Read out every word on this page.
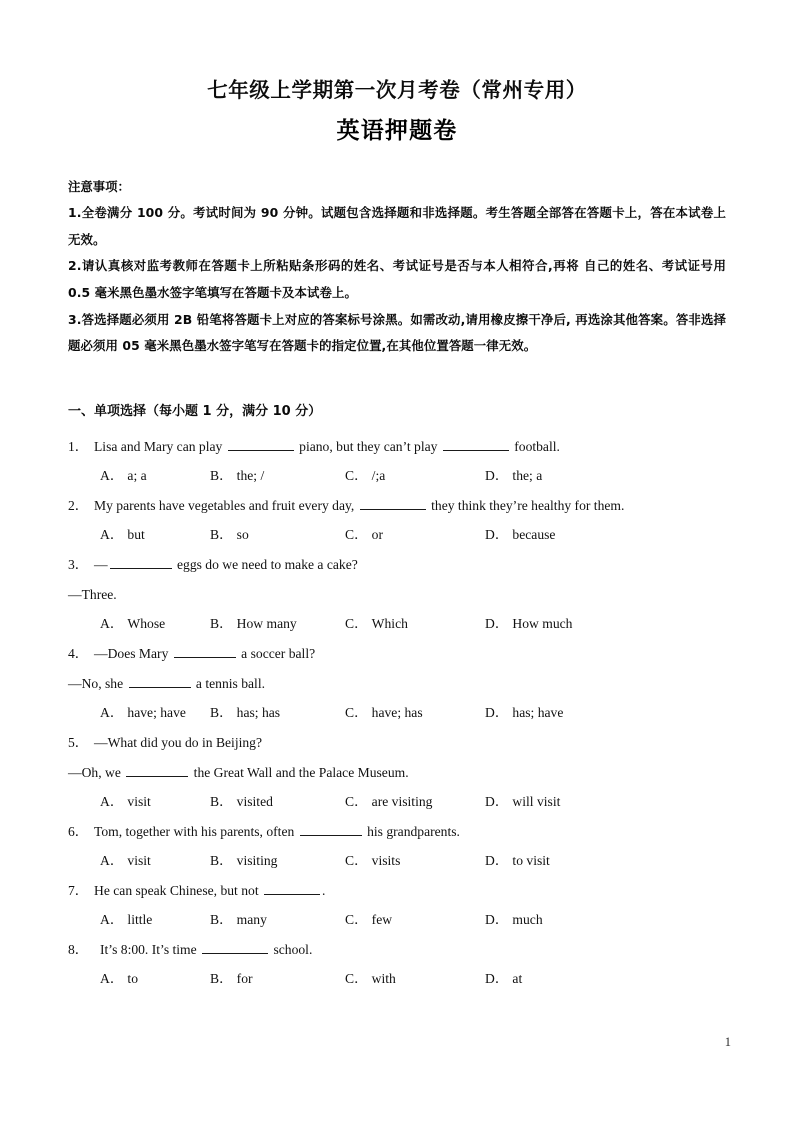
七年级上学期第一次月考卷（常州专用）
英语押题卷

注意事项：

1.全卷满分 100 分。考试时间为 90 分钟。试题包含选择题和非选择题。考生答题全部答在答题卡上，答在本试卷上无效。

2.请认真核对监考教师在答题卡上所粘贴条形码的姓名、考试证号是否与本人相符合,再将 自己的姓名、考试证号用 0.5 毫米黑色墨水签字笔填写在答题卡及本试卷上。

3.答选择题必须用 2B 铅笔将答题卡上对应的答案标号涂黑。如需改动,请用橡皮擦干净后, 再选涂其他答案。答非选择题必须用 05 毫米黑色墨水签字笔写在答题卡的指定位置,在其他位置答题一律无效。

一、单项选择（每小题 1 分，满分 10 分）

1． Lisa and Mary can play	piano, but they can’t play	football.

A． a; a	B． the; /	C． /;a	D． the; a

2． My parents have vegetables and fruit every day,	they think they’re healthy for them.

A． but	B． so	C． or	D． because

3． —	eggs do we need to make a cake?

—Three.

A． Whose	B． How many	C． Which	D． How much

4． —Does Mary	a soccer ball?

—No, she	a tennis ball.

A． have; have	B． has; has	C． have; has	D． has; have

5． —What did you do in Beijing?

—Oh, we	the Great Wall and the Palace Museum.

A． visit	B． visited	C． are visiting	D． will visit

6． Tom, together with his parents, often	his grandparents.

A． visit	B． visiting	C． visits	D． to visit

7． He can speak Chinese, but not	.

A． little	B． many	C． few	D． much

8． It’s 8:00. It’s time	school.

A． to	B． for	C． with	D． at
1
